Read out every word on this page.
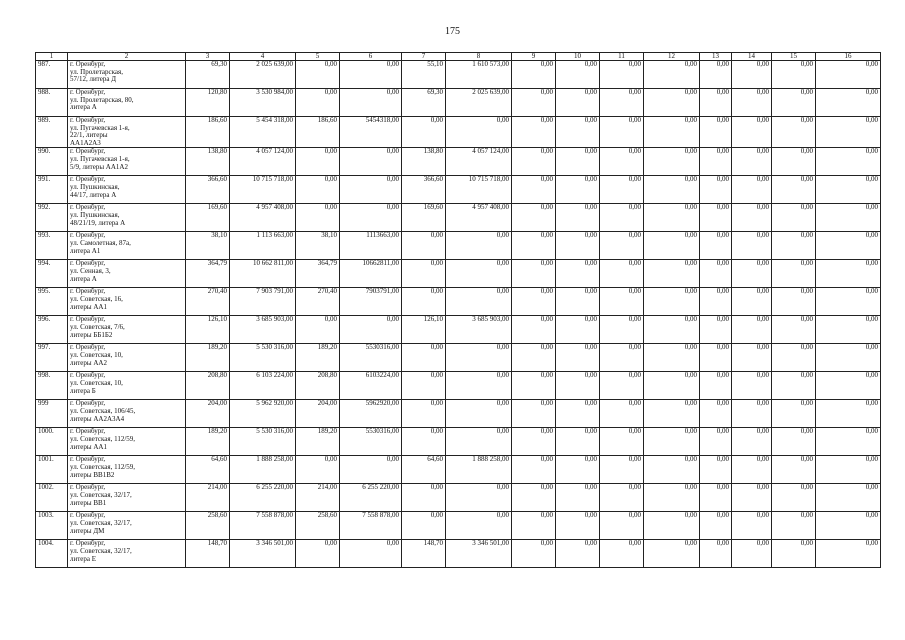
175
1	2	3	4	5	6	7	8	9	10	11	12	13	14	15	16
987.	г. Оренбург,
ул. Пролетарская,
57/12, литера Д	69,30	2 025 639,00	0,00	0,00	55,10	1 610 573,00	0,00	0,00	0,00	0,00	0,00	0,00	0,00	0,00
988.	г. Оренбург,
ул. Пролетарская, 80,
литера А	120,80	3 530 984,00	0,00	0,00	69,30	2 025 639,00	0,00	0,00	0,00	0,00	0,00	0,00	0,00	0,00
989.	г. Оренбург,
ул. Пугачевская 1-я,
22/1, литеры
АА1А2А3	186,60	5 454 318,00	186,60	5454318,00	0,00	0,00	0,00	0,00	0,00	0,00	0,00	0,00	0,00	0,00
990.	г. Оренбург,
ул. Пугачевская 1-я,
5/9, литеры АА1А2	138,80	4 057 124,00	0,00	0,00	138,80	4 057 124,00	0,00	0,00	0,00	0,00	0,00	0,00	0,00	0,00
991.	г. Оренбург,
ул. Пушкинская,
44/17, литера А	366,60	10 715 718,00	0,00	0,00	366,60	10 715 718,00	0,00	0,00	0,00	0,00	0,00	0,00	0,00	0,00
992.	г. Оренбург,
ул. Пушкинская,
48/21/19, литера А	169,60	4 957 408,00	0,00	0,00	169,60	4 957 408,00	0,00	0,00	0,00	0,00	0,00	0,00	0,00	0,00
993.	г. Оренбург,
ул. Самолетная, 87а,
литера А1	38,10	1 113 663,00	38,10	1113663,00	0,00	0,00	0,00	0,00	0,00	0,00	0,00	0,00	0,00	0,00
994.	г. Оренбург,
ул. Сенная, 3,
литера А	364,79	10 662 811,00	364,79	10662811,00	0,00	0,00	0,00	0,00	0,00	0,00	0,00	0,00	0,00	0,00
995.	г. Оренбург,
ул. Советская, 16,
литеры АА1	270,40	7 903 791,00	270,40	7903791,00	0,00	0,00	0,00	0,00	0,00	0,00	0,00	0,00	0,00	0,00
996.	г. Оренбург,
ул. Советская, 7/6,
литеры ББ1Б2	126,10	3 685 903,00	0,00	0,00	126,10	3 685 903,00	0,00	0,00	0,00	0,00	0,00	0,00	0,00	0,00
997.	г. Оренбург,
ул. Советская, 10,
литеры АА2	189,20	5 530 316,00	189,20	5530316,00	0,00	0,00	0,00	0,00	0,00	0,00	0,00	0,00	0,00	0,00
998.	г. Оренбург,
ул. Советская, 10,
литера Б	208,80	6 103 224,00	208,80	6103224,00	0,00	0,00	0,00	0,00	0,00	0,00	0,00	0,00	0,00	0,00
999	г. Оренбург,
ул. Советская, 106/45,
литеры АА2А3А4	204,00	5 962 920,00	204,00	5962920,00	0,00	0,00	0,00	0,00	0,00	0,00	0,00	0,00	0,00	0,00
1000.	г. Оренбург,
ул. Советская, 112/59,
литеры АА1	189,20	5 530 316,00	189,20	5530316,00	0,00	0,00	0,00	0,00	0,00	0,00	0,00	0,00	0,00	0,00
1001.	г. Оренбург,
ул. Советская, 112/59,
литеры ВВ1В2	64,60	1 888 258,00	0,00	0,00	64,60	1 888 258,00	0,00	0,00	0,00	0,00	0,00	0,00	0,00	0,00
1002.	г. Оренбург,
ул. Советская, 32/17,
литеры ВВ1	214,00	6 255 220,00	214,00	6 255 220,00	0,00	0,00	0,00	0,00	0,00	0,00	0,00	0,00	0,00	0,00
1003.	г. Оренбург,
ул. Советская, 32/17,
литеры ДМ	258,60	7 558 878,00	258,60	7 558 878,00	0,00	0,00	0,00	0,00	0,00	0,00	0,00	0,00	0,00	0,00
1004.	г. Оренбург,
ул. Советская, 32/17,
литера Е	148,70	3 346 501,00	0,00	0,00	148,70	3 346 501,00	0,00	0,00	0,00	0,00	0,00	0,00	0,00	0,00
